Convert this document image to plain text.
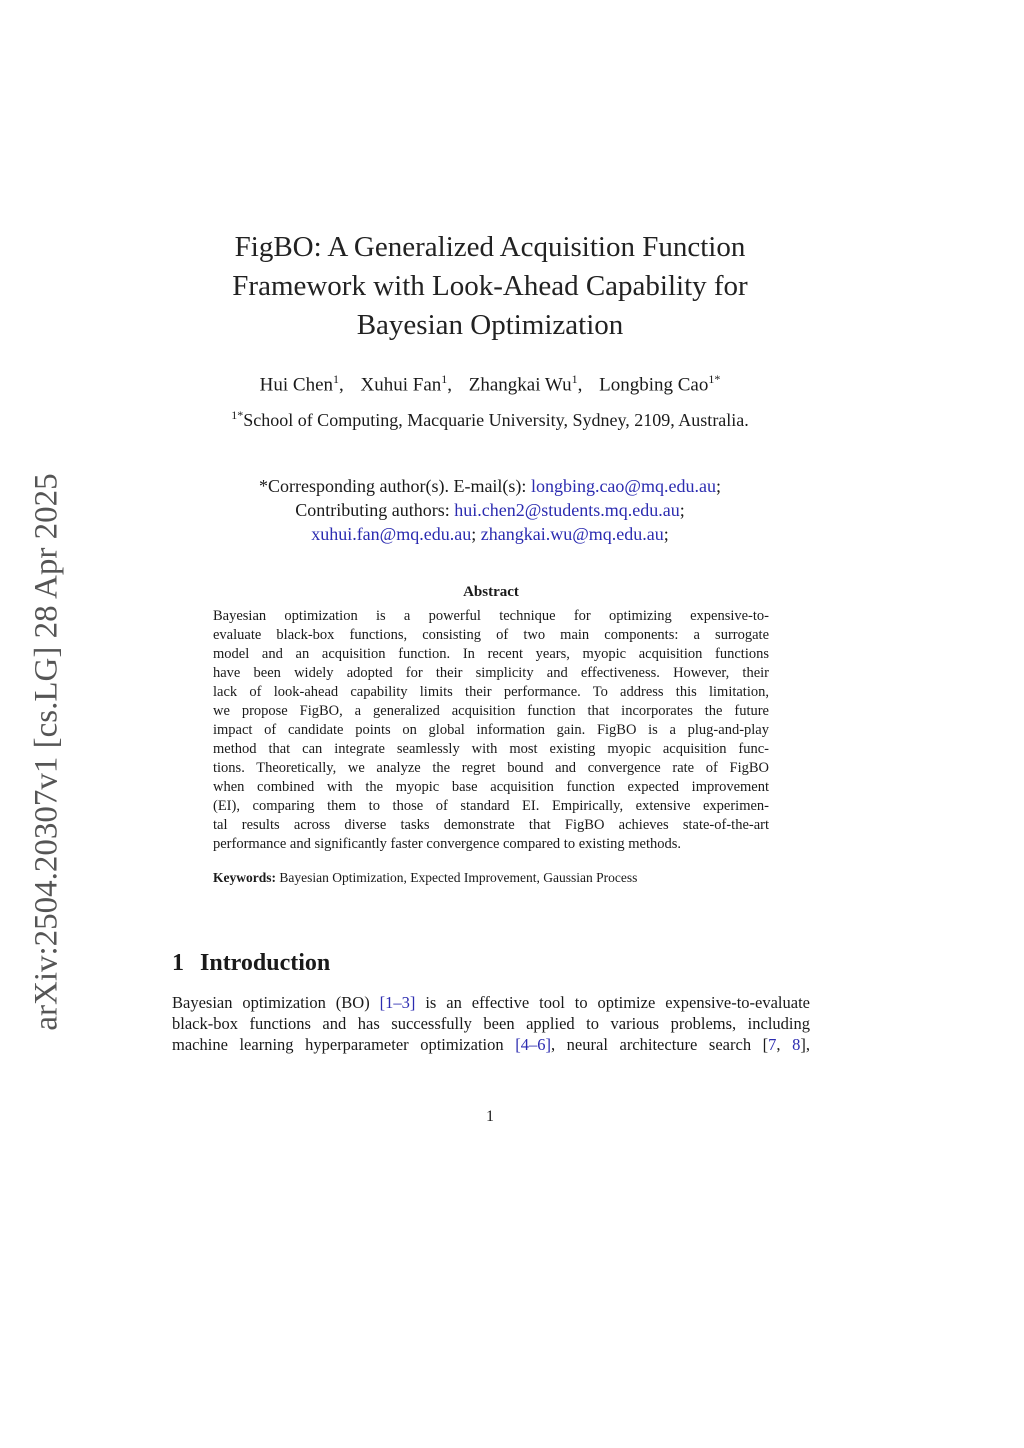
arXiv:2504.20307v1 [cs.LG] 28 Apr 2025
FigBO: A Generalized Acquisition Function
Framework with Look-Ahead Capability for
Bayesian Optimization
Hui Chen$^1$, Xuhui Fan$^1$, Zhangkai Wu$^1$, Longbing Cao$^{1*}$
$^{1*}$School of Computing, Macquarie University, Sydney, 2109, Australia.
*Corresponding author(s). E-mail(s): longbing.cao@mq.edu.au;
Contributing authors: hui.chen2@students.mq.edu.au;
xuhui.fan@mq.edu.au; zhangkai.wu@mq.edu.au;
Abstract
Bayesian optimization is a powerful technique for optimizing expensive-to-
evaluate black-box functions, consisting of two main components: a surrogate
model and an acquisition function. In recent years, myopic acquisition functions
have been widely adopted for their simplicity and effectiveness. However, their
lack of look-ahead capability limits their performance. To address this limitation,
we propose FigBO, a generalized acquisition function that incorporates the future
impact of candidate points on global information gain. FigBO is a plug-and-play
method that can integrate seamlessly with most existing myopic acquisition func-
tions. Theoretically, we analyze the regret bound and convergence rate of FigBO
when combined with the myopic base acquisition function expected improvement
(EI), comparing them to those of standard EI. Empirically, extensive experimen-
tal results across diverse tasks demonstrate that FigBO achieves state-of-the-art
performance and significantly faster convergence compared to existing methods.
Keywords: Bayesian Optimization, Expected Improvement, Gaussian Process
1 Introduction
Bayesian optimization (BO) [1–3] is an effective tool to optimize expensive-to-evaluate
black-box functions and has successfully been applied to various problems, including
machine learning hyperparameter optimization [4–6], neural architecture search [7, 8],
1
